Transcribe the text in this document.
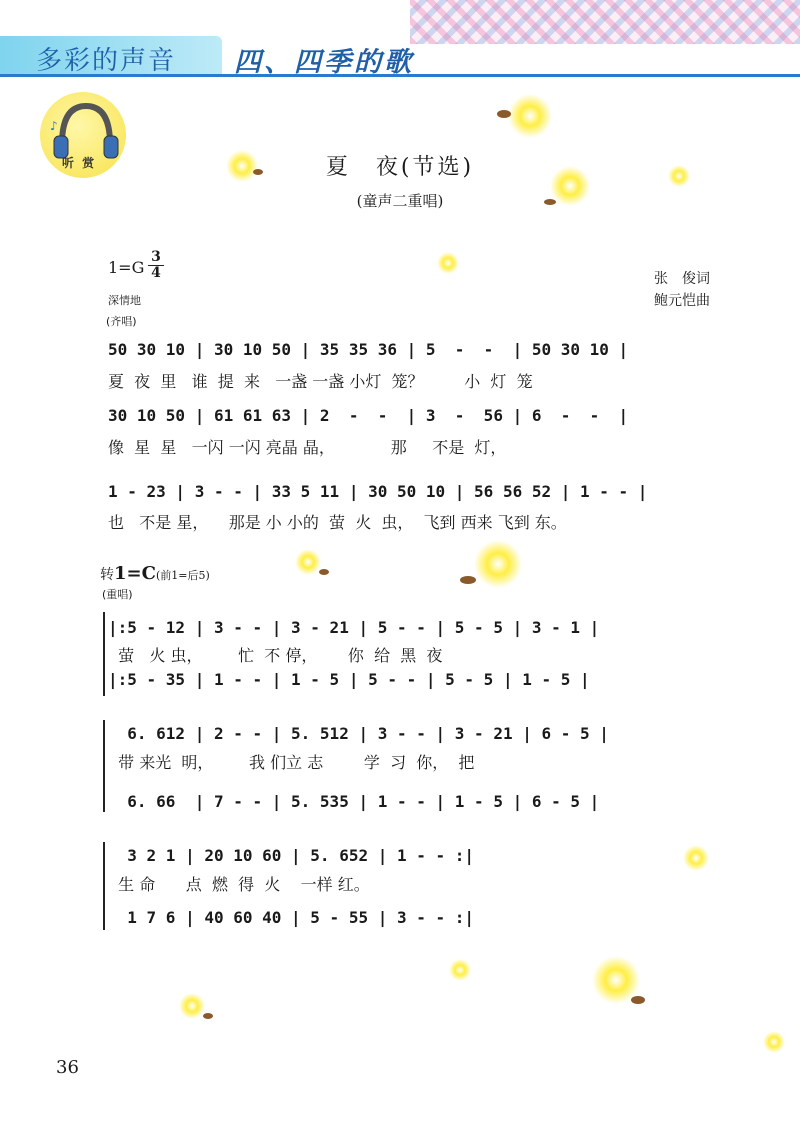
多彩的声音 四、四季的歌
♪
听 赏	夏　夜(节选)
(童声二重唱)
1=G
3
4	张　俊词
鲍元恺曲
深情地
(齐唱)
50 30 10 | 30 10 50 | 35 35 36 | 5  -  -  | 50 30 10 |
夏  夜  里   谁  提  来   一盏 一盏 小灯  笼？        小  灯  笼
30 10 50 | 61 61 63 | 2  -  -  | 3  -  56 | 6  -  -  |
像  星  星   一闪 一闪 亮晶 晶，           那     不是  灯，
1 - 23 | 3 - - | 33 5 11 | 30 50 10 | 56 56 52 | 1 - - |
也   不是 星，    那是 小 小的  萤  火  虫，  飞到 西来 飞到 东。
转1=C(前1=后5)
(重唱)
|:5 - 12 | 3 - - | 3 - 21 | 5 - - | 5 - 5 | 3 - 1 |
萤   火 虫，       忙  不 停，      你  给  黑  夜
|:5 - 35 | 1 - - | 1 - 5 | 5 - - | 5 - 5 | 1 - 5 |
6. 612 | 2 - - | 5. 512 | 3 - - | 3 - 21 | 6 - 5 |
带 来光  明，       我 们立 志        学  习  你，  把
6. 66  | 7 - - | 5. 535 | 1 - - | 1 - 5 | 6 - 5 |
3 2 1 | 20 10 60 | 5. 652 | 1 - - :|
生 命      点  燃  得  火    一样 红。
1 7 6 | 40 60 40 | 5 - 55 | 3 - - :|
36
